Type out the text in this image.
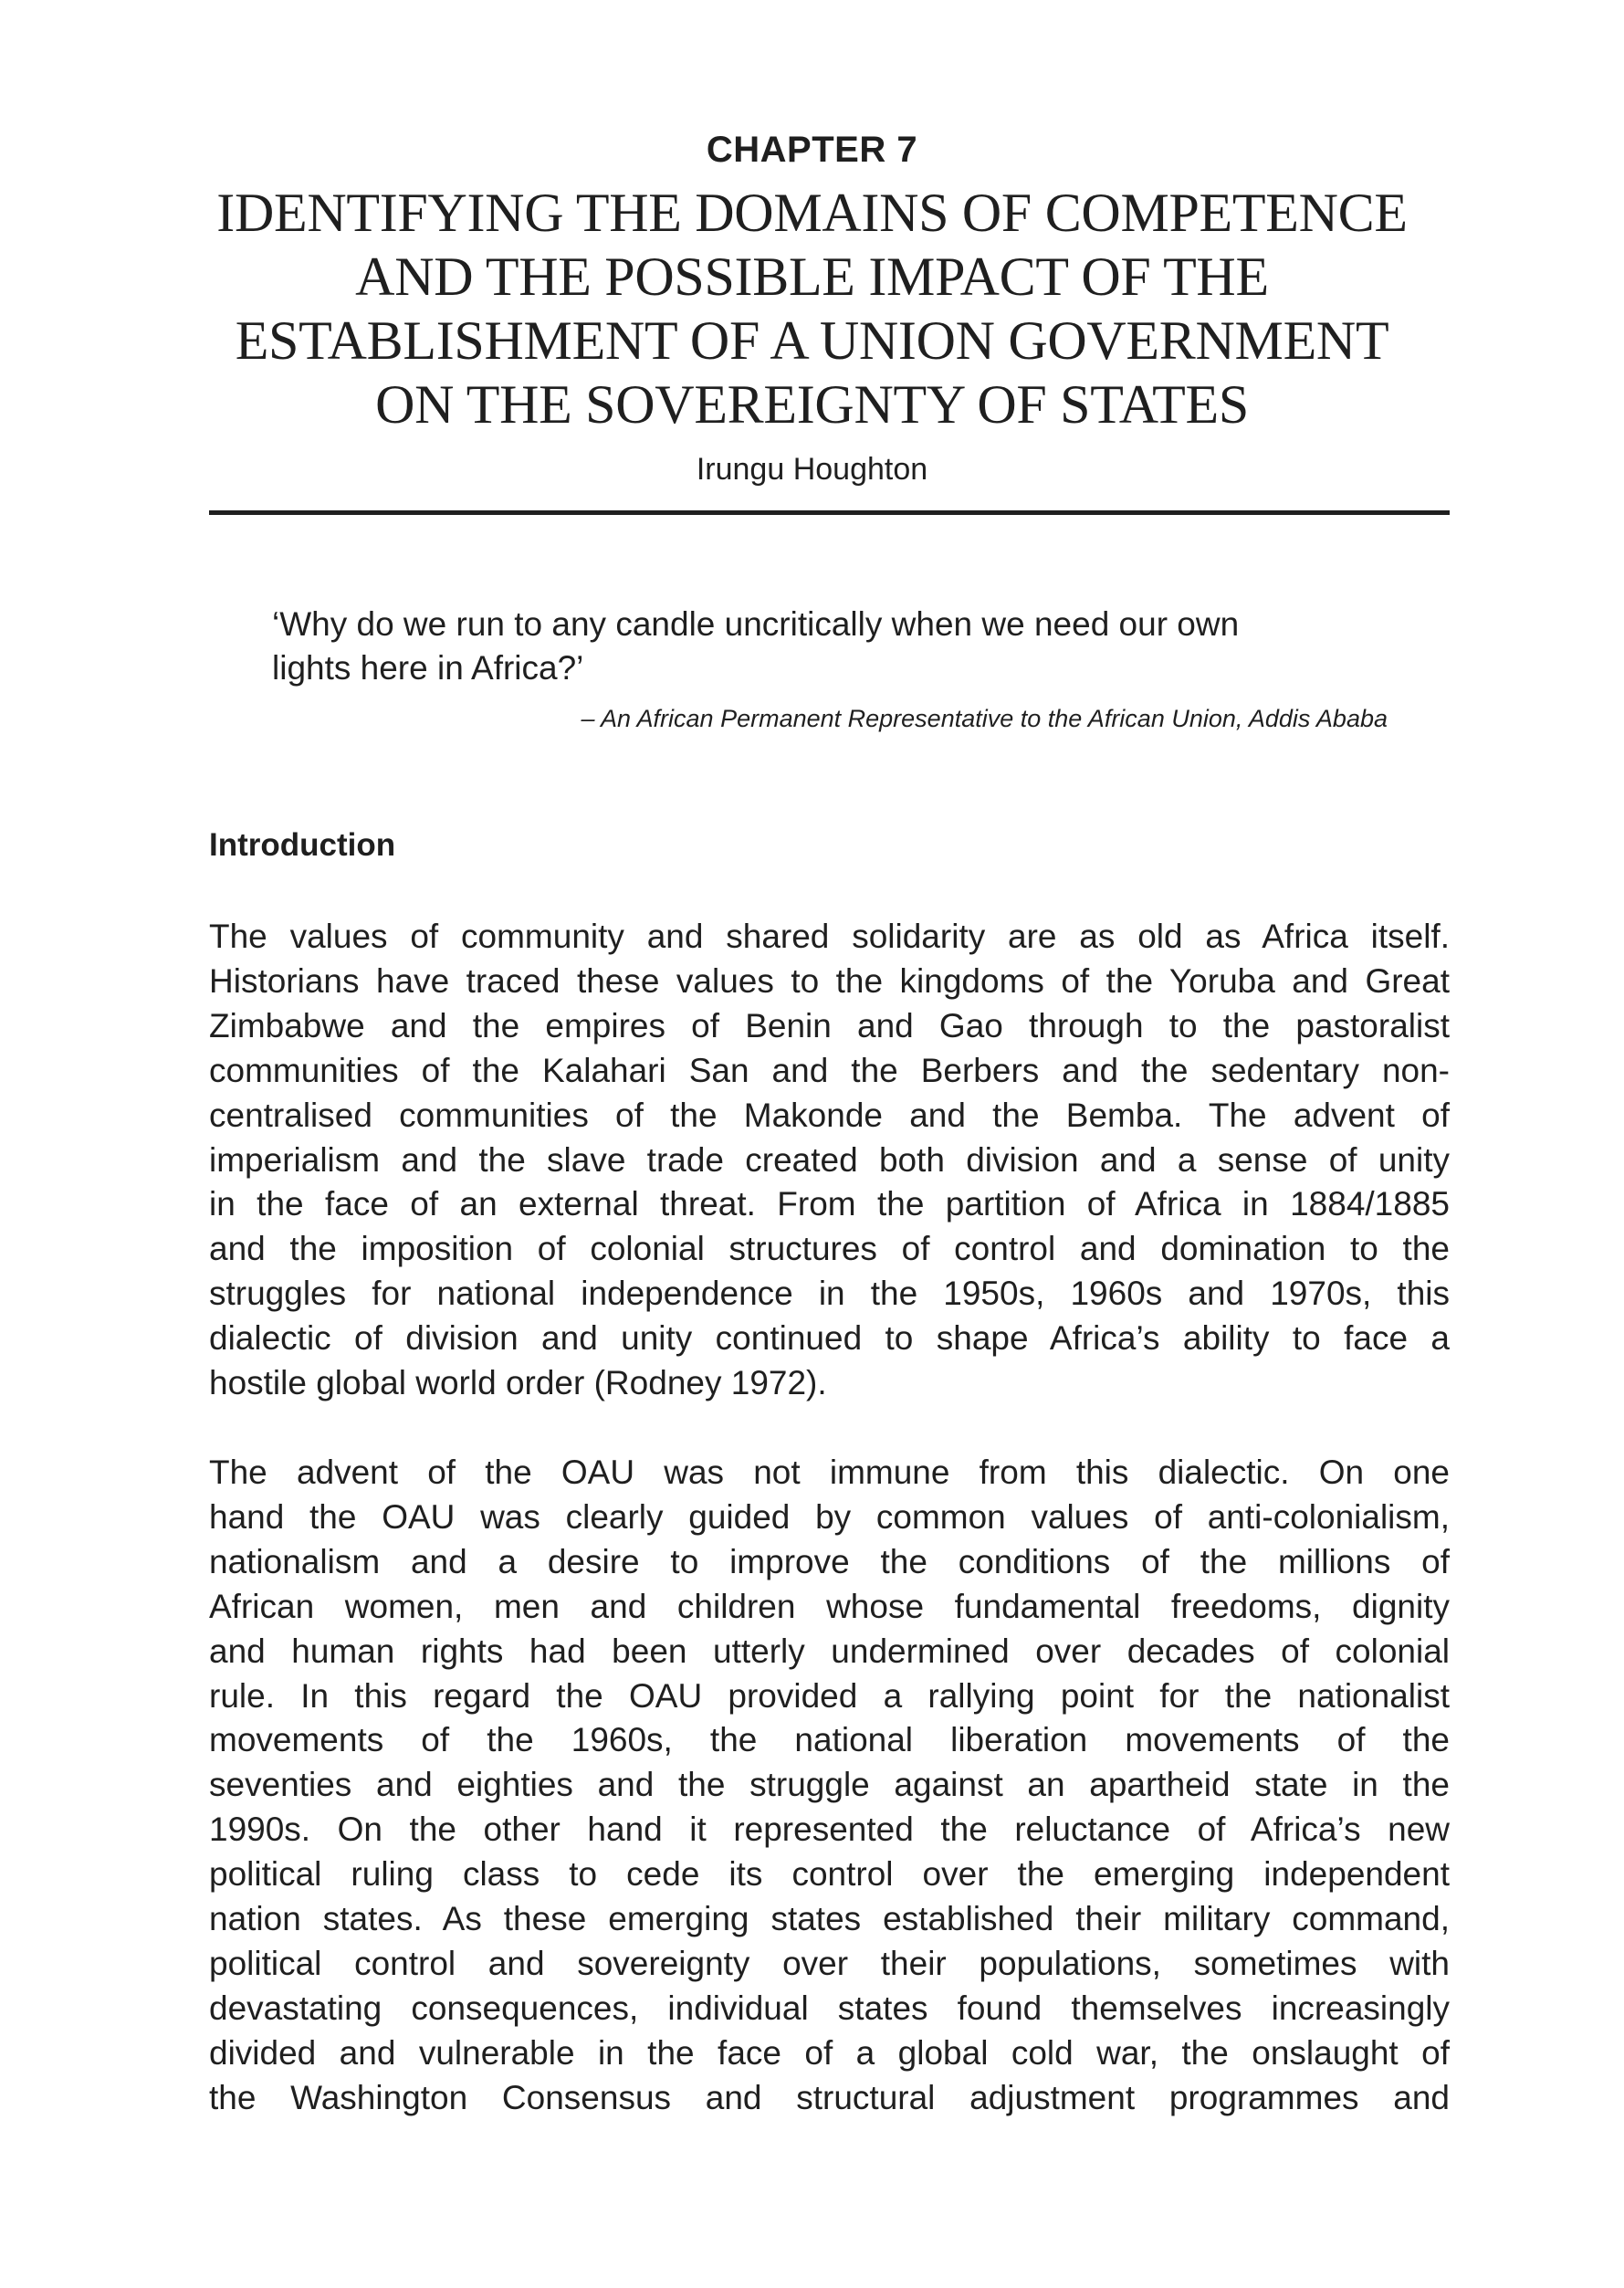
CHAPTER 7
IDENTIFYING THE DOMAINS OF COMPETENCE
AND THE POSSIBLE IMPACT OF THE
ESTABLISHMENT OF A UNION GOVERNMENT
ON THE SOVEREIGNTY OF STATES
Irungu Houghton
‘Why do we run to any candle uncritically when we need our own
lights here in Africa?’
– An African Permanent Representative to the African Union, Addis Ababa
Introduction
The values of community and shared solidarity are as old as Africa itself.
Historians have traced these values to the kingdoms of the Yoruba and Great
Zimbabwe and the empires of Benin and Gao through to the pastoralist
communities of the Kalahari San and the Berbers and the sedentary non-
centralised communities of the Makonde and the Bemba. The advent of
imperialism and the slave trade created both division and a sense of unity
in the face of an external threat. From the partition of Africa in 1884/1885
and the imposition of colonial structures of control and domination to the
struggles for national independence in the 1950s, 1960s and 1970s, this
dialectic of division and unity continued to shape Africa’s ability to face a
hostile global world order (Rodney 1972).
The advent of the OAU was not immune from this dialectic. On one
hand the OAU was clearly guided by common values of anti-colonialism,
nationalism and a desire to improve the conditions of the millions of
African women, men and children whose fundamental freedoms, dignity
and human rights had been utterly undermined over decades of colonial
rule. In this regard the OAU provided a rallying point for the nationalist
movements of the 1960s, the national liberation movements of the
seventies and eighties and the struggle against an apartheid state in the
1990s. On the other hand it represented the reluctance of Africa’s new
political ruling class to cede its control over the emerging independent
nation states. As these emerging states established their military command,
political control and sovereignty over their populations, sometimes with
devastating consequences, individual states found themselves increasingly
divided and vulnerable in the face of a global cold war, the onslaught of
the Washington Consensus and structural adjustment programmes and
